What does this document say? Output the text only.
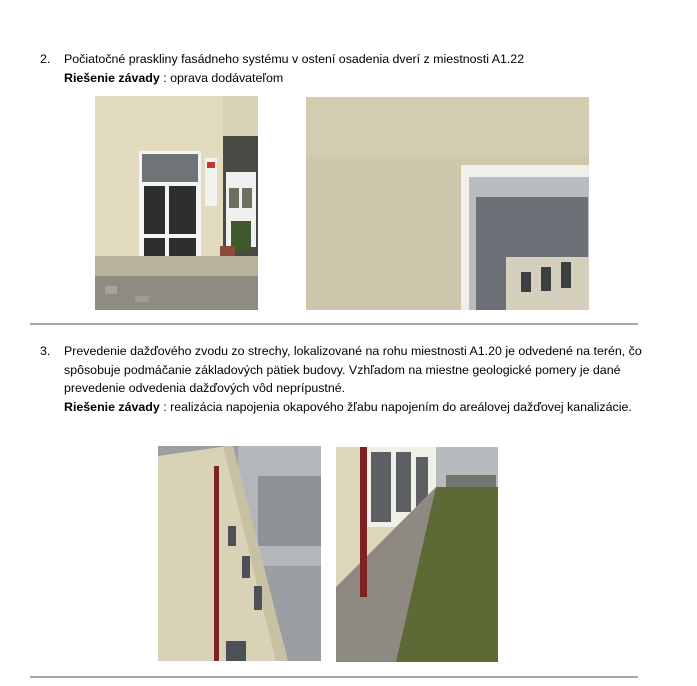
2. Počiatočné praskliny fasádneho systému v ostení osadenia dverí z miestnosti A1.22
Riešenie závady : oprava dodávateľom
3. Prevedenie dažďového zvodu zo strechy, lokalizované na rohu miestnosti A1.20 je odvedené na terén, čo spôsobuje podmáčanie základových pätiek budovy. Vzhľadom na miestne geologické pomery je dané prevedenie odvedenia dažďových vôd neprípustné.
Riešenie závady : realizácia napojenia okapového žľabu napojením do areálovej dažďovej kanalizácie.
